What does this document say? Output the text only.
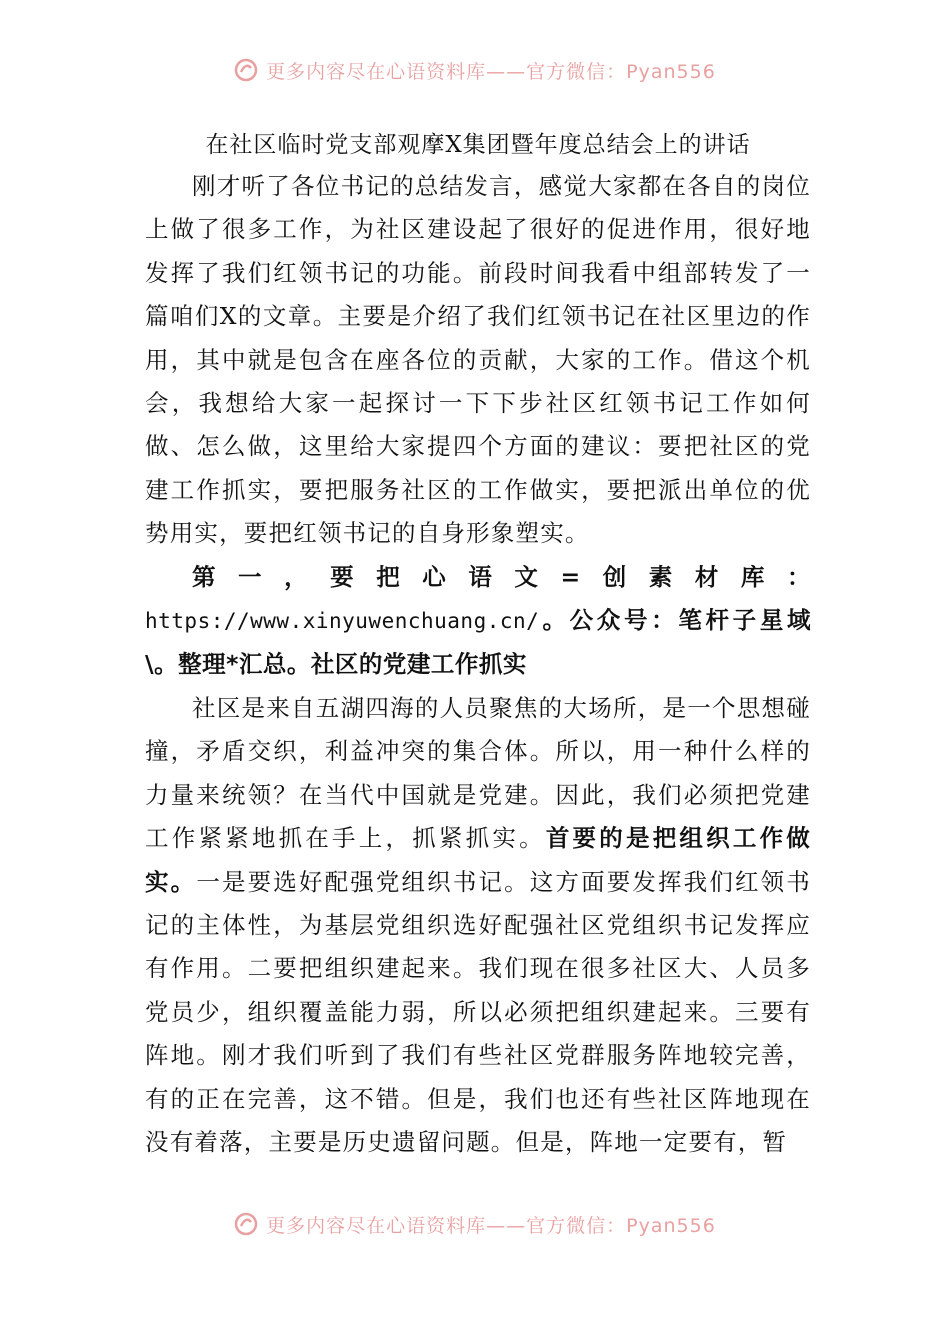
更多内容尽在心语资料库——官方微信：Pyan556
在社区临时党支部观摩X集团暨年度总结会上的讲话

刚才听了各位书记的总结发言，感觉大家都在各自的岗位上做了很多工作，为社区建设起了很好的促进作用，很好地发挥了我们红领书记的功能。前段时间我看中组部转发了一篇咱们X的文章。主要是介绍了我们红领书记在社区里边的作用，其中就是包含在座各位的贡献，大家的工作。借这个机会，我想给大家一起探讨一下下步社区红领书记工作如何做、怎么做，这里给大家提四个方面的建议：要把社区的党建工作抓实，要把服务社区的工作做实，要把派出单位的优势用实，要把红领书记的自身形象塑实。

第一，要把心语文=创素材库：https://www.xinyuwenchuang.cn/。公众号：笔杆子星域\。整理*汇总。社区的党建工作抓实

社区是来自五湖四海的人员聚焦的大场所，是一个思想碰撞，矛盾交织，利益冲突的集合体。所以，用一种什么样的力量来统领？在当代中国就是党建。因此，我们必须把党建工作紧紧地抓在手上，抓紧抓实。首要的是把组织工作做实。一是要选好配强党组织书记。这方面要发挥我们红领书记的主体性，为基层党组织选好配强社区党组织书记发挥应有作用。二要把组织建起来。我们现在很多社区大、人员多党员少，组织覆盖能力弱，所以必须把组织建起来。三要有阵地。刚才我们听到了我们有些社区党群服务阵地较完善，有的正在完善，这不错。但是，我们也还有些社区阵地现在没有着落，主要是历史遗留问题。但是，阵地一定要有，暂

更多内容尽在心语资料库——官方微信：Pyan556
